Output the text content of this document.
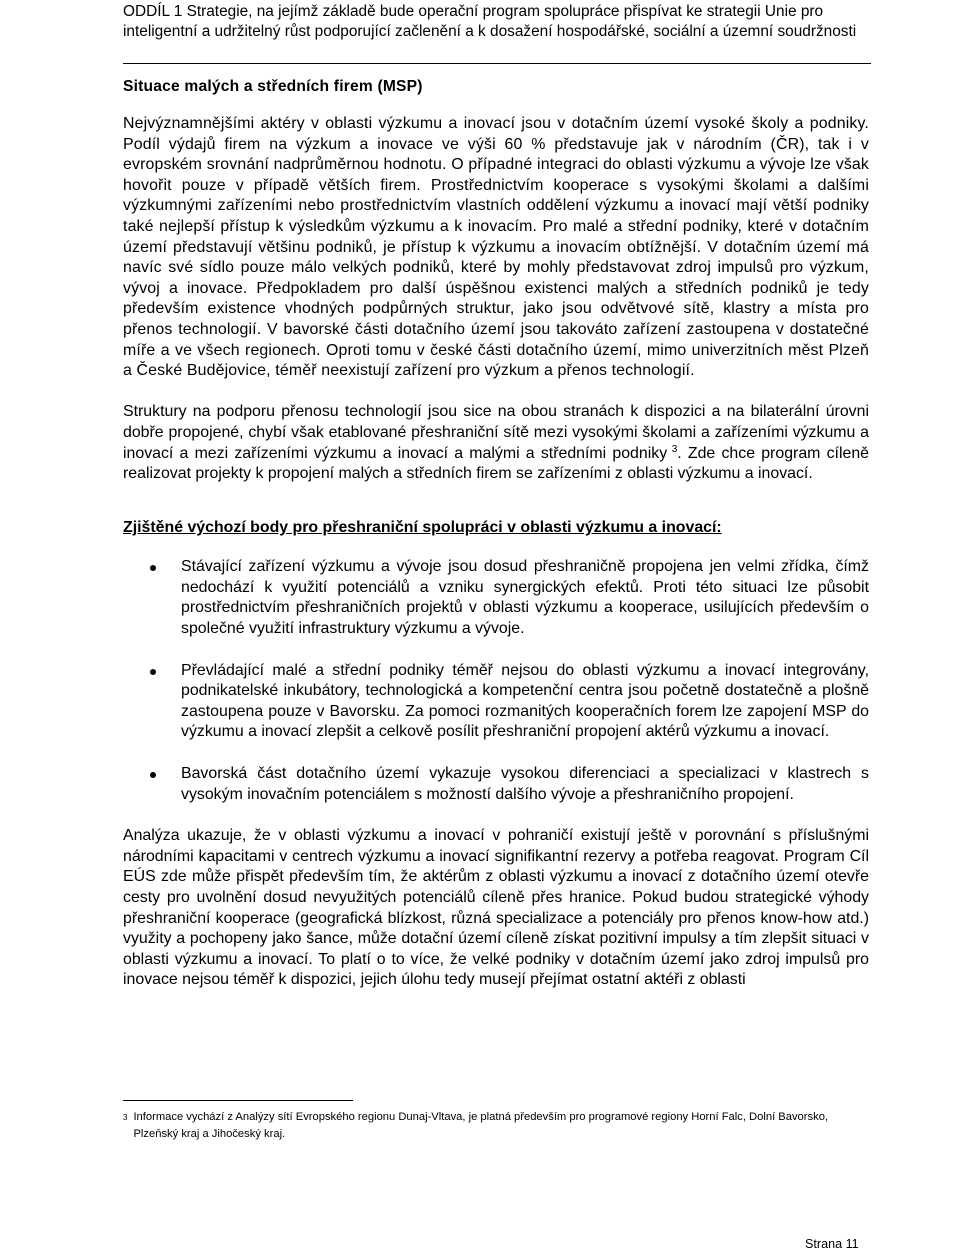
ODDÍL 1 Strategie, na jejímž základě bude operační program spolupráce přispívat ke strategii Unie pro inteligentní a udržitelný růst podporující začlenění a k dosažení hospodářské, sociální a územní soudržnosti
Situace malých a středních firem (MSP)

Nejvýznamnějšími aktéry v oblasti výzkumu a inovací jsou v dotačním území vysoké školy a podniky. Podíl výdajů firem na výzkum a inovace ve výši 60 % představuje jak v národním (ČR), tak i v evropském srovnání nadprůměrnou hodnotu. O případné integraci do oblasti výzkumu a vývoje lze však hovořit pouze v případě větších firem. Prostřednictvím kooperace s vysokými školami a dalšími výzkumnými zařízeními nebo prostřednictvím vlastních oddělení výzkumu a inovací mají větší podniky také nejlepší přístup k výsledkům výzkumu a k inovacím. Pro malé a střední podniky, které v dotačním území představují většinu podniků, je přístup k výzkumu a inovacím obtížnější. V dotačním území má navíc své sídlo pouze málo velkých podniků, které by mohly představovat zdroj impulsů pro výzkum, vývoj a inovace. Předpokladem pro další úspěšnou existenci malých a středních podniků je tedy především existence vhodných podpůrných struktur, jako jsou odvětvové sítě, klastry a místa pro přenos technologií. V bavorské části dotačního území jsou takováto zařízení zastoupena v dostatečné míře a ve všech regionech. Oproti tomu v české části dotačního území, mimo univerzitních měst Plzeň a České Budějovice, téměř neexistují zařízení pro výzkum a přenos technologií.

Struktury na podporu přenosu technologií jsou sice na obou stranách k dispozici a na bilaterální úrovni dobře propojené, chybí však etablované přeshraniční sítě mezi vysokými školami a zařízeními výzkumu a inovací a mezi zařízeními výzkumu a inovací a malými a středními podniky $^3$. Zde chce program cíleně realizovat projekty k propojení malých a středních firem se zařízeními z oblasti výzkumu a inovací.

Zjištěné výchozí body pro přeshraniční spolupráci v oblasti výzkumu a inovací:
Stávající zařízení výzkumu a vývoje jsou dosud přeshraničně propojena jen velmi zřídka, čímž nedochází k využití potenciálů a vzniku synergických efektů. Proti této situaci lze působit prostřednictvím přeshraničních projektů v oblasti výzkumu a kooperace, usilujících především o společné využití infrastruktury výzkumu a vývoje.
Převládající malé a střední podniky téměř nejsou do oblasti výzkumu a inovací integrovány, podnikatelské inkubátory, technologická a kompetenční centra jsou početně dostatečně a plošně zastoupena pouze v Bavorsku. Za pomoci rozmanitých kooperačních forem lze zapojení MSP do výzkumu a inovací zlepšit a celkově posílit přeshraniční propojení aktérů výzkumu a inovací.
Bavorská část dotačního území vykazuje vysokou diferenciaci a specializaci v klastrech s vysokým inovačním potenciálem s možností dalšího vývoje a přeshraničního propojení.

Analýza ukazuje, že v oblasti výzkumu a inovací v pohraničí existují ještě v porovnání s příslušnými národními kapacitami v centrech výzkumu a inovací signifikantní rezervy a potřeba reagovat. Program Cíl EÚS zde může přispět především tím, že aktérům z oblasti výzkumu a inovací z dotačního území otevře cesty pro uvolnění dosud nevyužitých potenciálů cíleně přes hranice. Pokud budou strategické výhody přeshraniční kooperace (geografická blízkost, různá specializace a potenciály pro přenos know-how atd.) využity a pochopeny jako šance, může dotační území cíleně získat pozitivní impulsy a tím zlepšit situaci v oblasti výzkumu a inovací. To platí o to více, že velké podniky v dotačním území jako zdroj impulsů pro inovace nejsou téměř k dispozici, jejich úlohu tedy musejí přejímat ostatní aktéři z oblasti

$^3$ Informace vychází z Analýzy sítí Evropského regionu Dunaj-Vltava, je platná především pro programové regiony Horní Falc, Dolní Bavorsko, Plzeňský kraj a Jihočeský kraj.
Strana 11
